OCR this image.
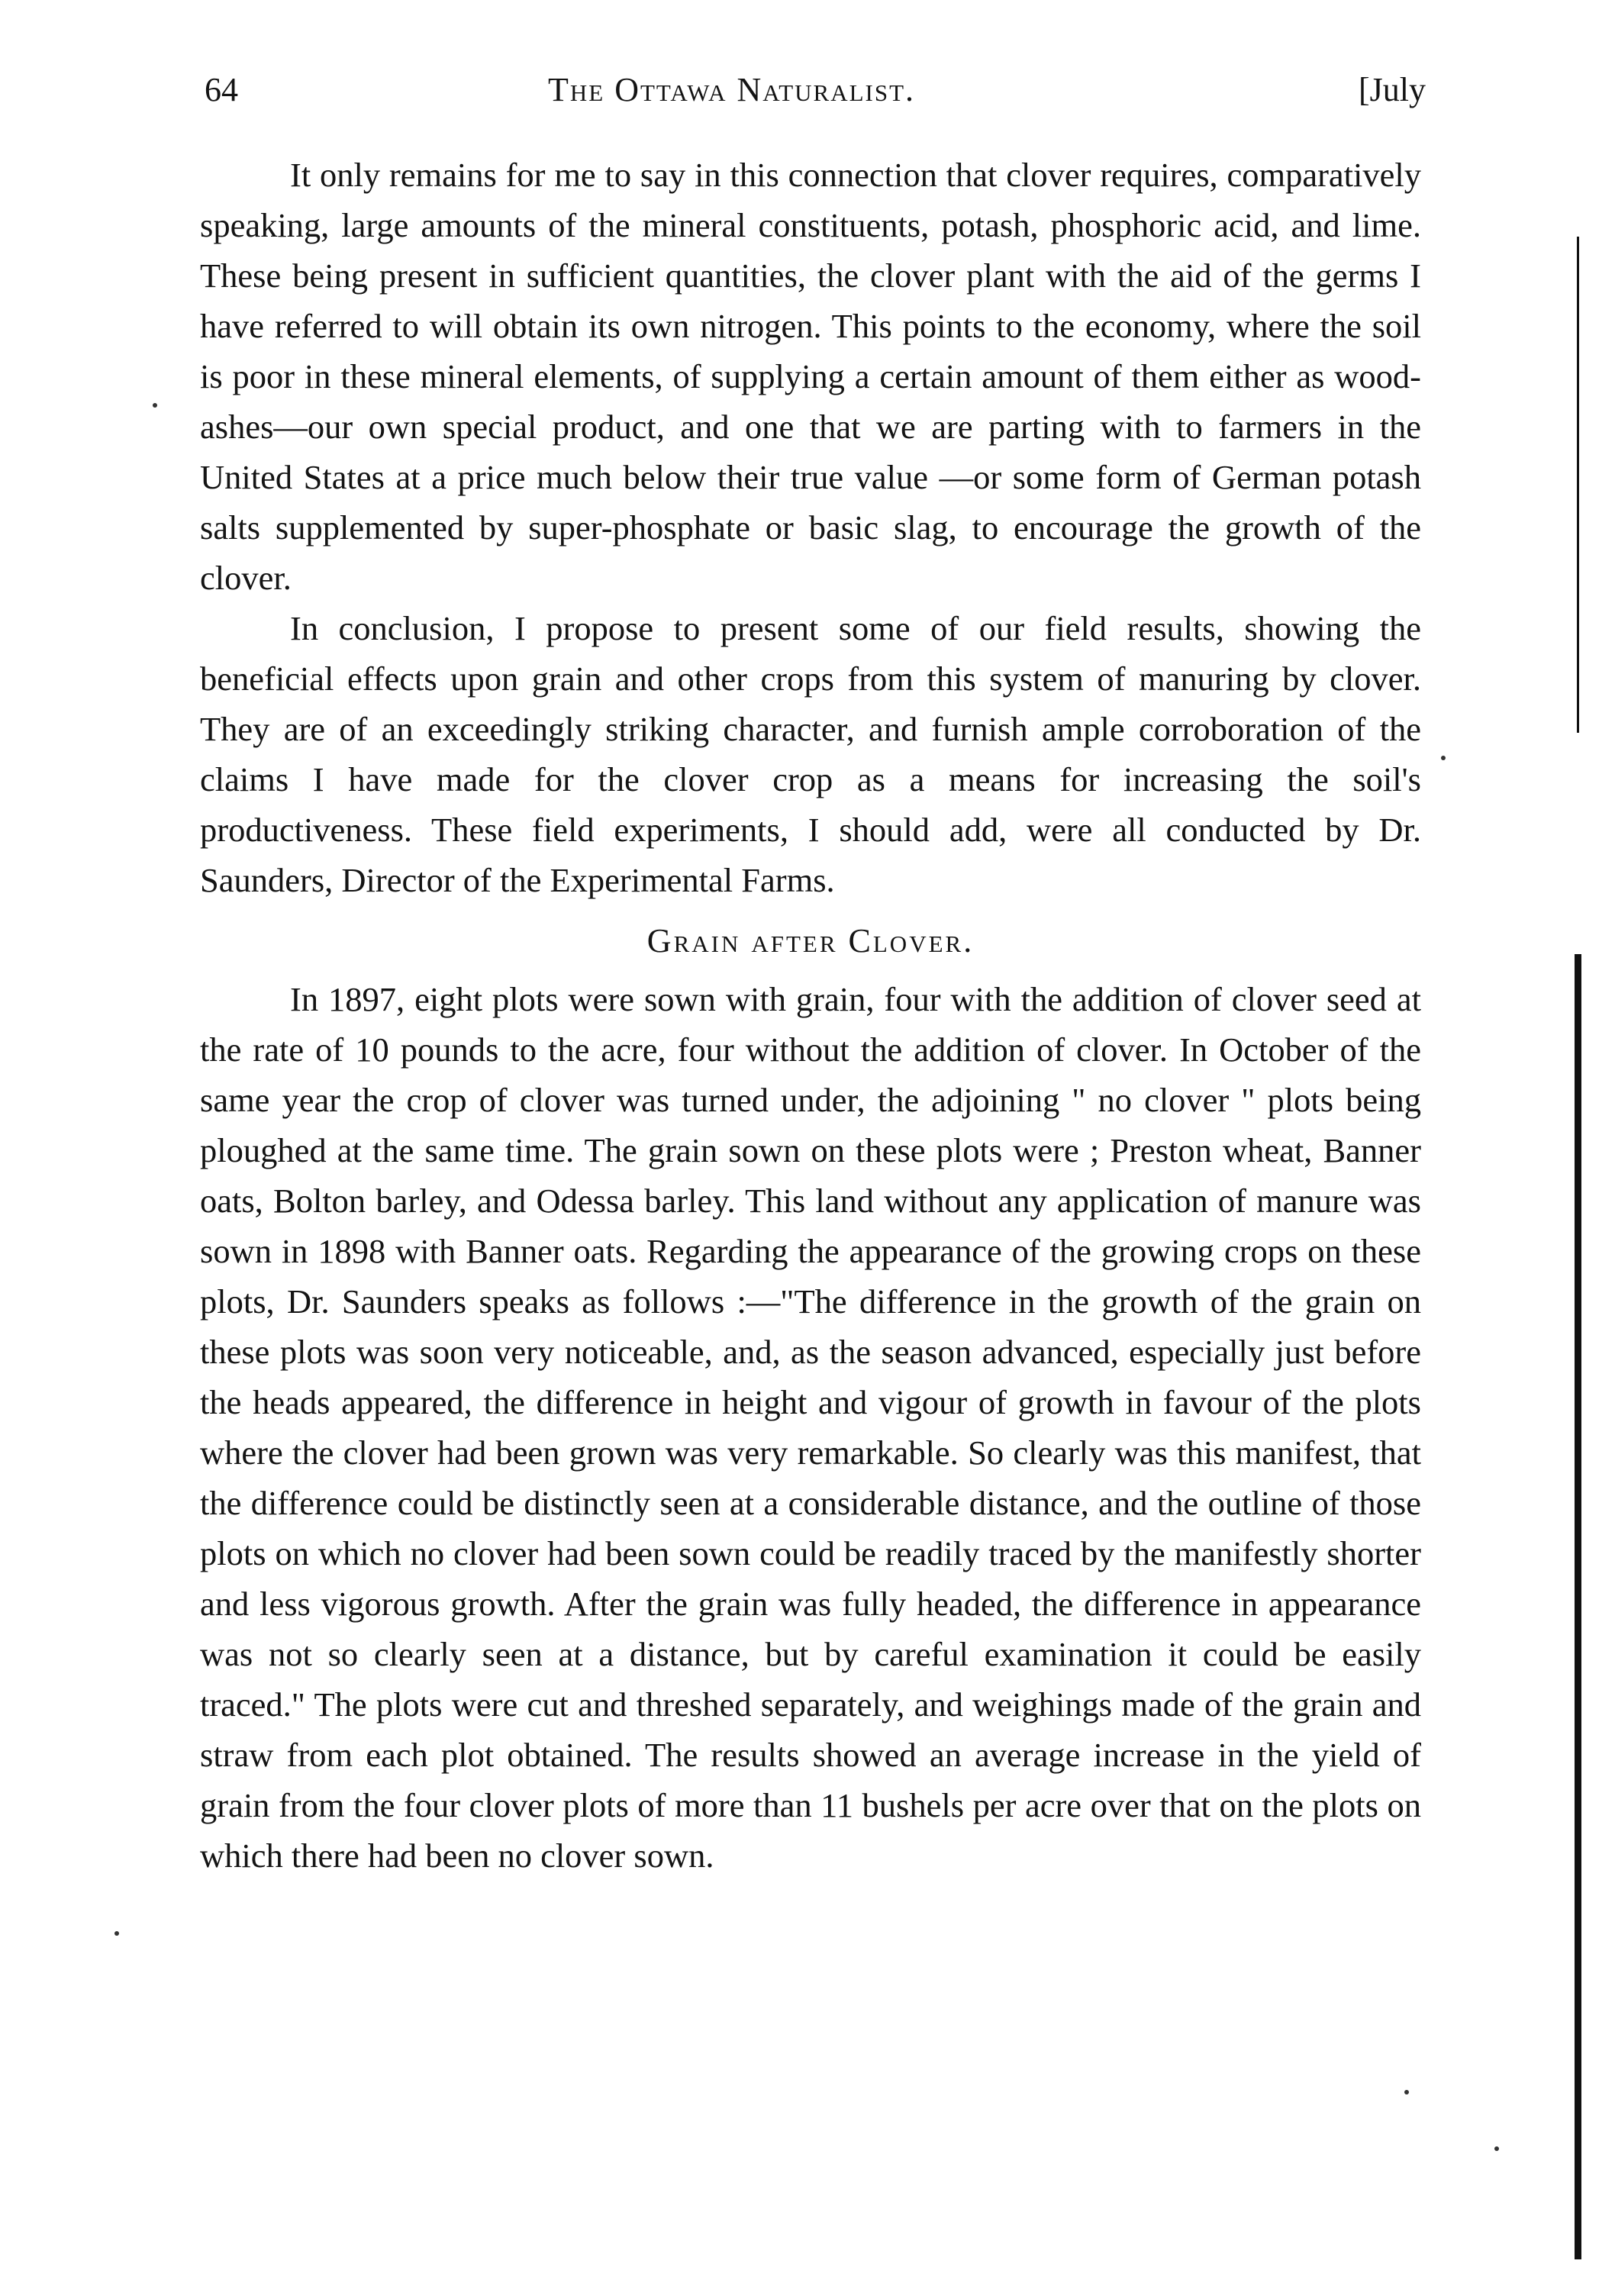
64	The Ottawa Naturalist.	[July

It only remains for me to say in this connection that clover requires, comparatively speaking, large amounts of the mineral constituents, potash, phosphoric acid, and lime. These being present in sufficient quantities, the clover plant with the aid of the germs I have referred to will obtain its own nitrogen. This points to the economy, where the soil is poor in these mineral elements, of supplying a certain amount of them either as wood-ashes—our own special product, and one that we are parting with to farmers in the United States at a price much below their true value —or some form of German potash salts supplemented by super-phosphate or basic slag, to encourage the growth of the clover.

In conclusion, I propose to present some of our field results, showing the beneficial effects upon grain and other crops from this system of manuring by clover. They are of an exceedingly striking character, and furnish ample corroboration of the claims I have made for the clover crop as a means for increasing the soil's productiveness. These field experiments, I should add, were all conducted by Dr. Saunders, Director of the Experimental Farms.

Grain after Clover.

In 1897, eight plots were sown with grain, four with the addition of clover seed at the rate of 10 pounds to the acre, four without the addition of clover. In October of the same year the crop of clover was turned under, the adjoining " no clover " plots being ploughed at the same time. The grain sown on these plots were ; Preston wheat, Banner oats, Bolton barley, and Odessa barley. This land without any application of manure was sown in 1898 with Banner oats. Regarding the appearance of the growing crops on these plots, Dr. Saunders speaks as follows :—"The difference in the growth of the grain on these plots was soon very noticeable, and, as the season advanced, especially just before the heads appeared, the difference in height and vigour of growth in favour of the plots where the clover had been grown was very remarkable. So clearly was this manifest, that the difference could be distinctly seen at a considerable distance, and the outline of those plots on which no clover had been sown could be readily traced by the manifestly shorter and less vigorous growth. After the grain was fully headed, the difference in appearance was not so clearly seen at a distance, but by careful examination it could be easily traced." The plots were cut and threshed separately, and weighings made of the grain and straw from each plot obtained. The results showed an average increase in the yield of grain from the four clover plots of more than 11 bushels per acre over that on the plots on which there had been no clover sown.
